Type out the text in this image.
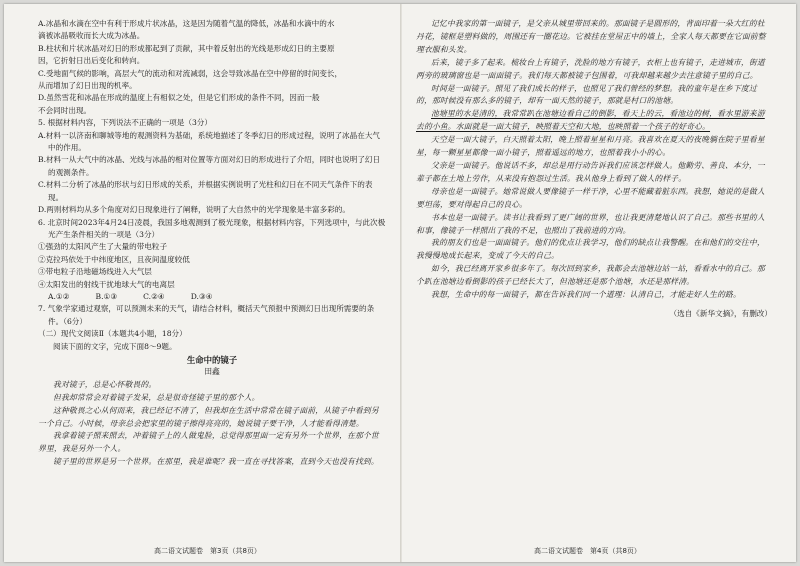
A.冰晶和水滴在空中有利于形成片状冰晶，这是因为随着气温的降低，冰晶和水滴中的水

滴被冰晶吸收而长大成为冰晶。

B.柱状和片状冰晶对幻日的形成都起到了贡献，其中着反射出的光线是形成幻日的主要原

因，它折射日出后变化和转向。

C.受地面气候的影响，高层大气的流动和对流减弱，这会导致冰晶在空中停留的时间变长，

从而增加了幻日出现的机率。

D.虽然雪花和冰晶在形成的温度上有相似之处，但是它们形成的条件不同，因而一般

不会同时出现。

5. 根据材料内容，下列说法不正确的一项是（3分）

A.材料一以济南和聊城等地的观测资料为基础，系统地描述了冬季幻日的形成过程，说明了冰晶在大气中的作用。

B.材料一从大气中的冰晶、光线与冰晶的相对位置等方面对幻日的形成进行了介绍，同时也说明了幻日的观测条件。

C.材料二分析了冰晶的形状与幻日形成的关系，并根据实例说明了光柱和幻日在不同天气条件下的表现。

D.两则材料均从多个角度对幻日现象进行了阐释，说明了大自然中的光学现象是丰富多彩的。

6. 北京时间2023年4月24日凌晨，我国多地观测到了极光现象，根据材料内容，下列选项中，与此次极光产生条件相关的一项是（3分）

①强劲的太阳风产生了大量的带电粒子

②克拉玛依处于中纬度地区，且夜间温度较低

③带电粒子沿地磁场线进入大气层

④太阳发出的射线干扰地球大气的电离层

A.①②	B.①③	C.②④	D.③④

7. 气象学家通过观察，可以预测未来的天气，请结合材料，概括天气预报中预测幻日出现所需要的条件。（6分）

（二）现代文阅读Ⅱ（本题共4小题，18分）

阅读下面的文字，完成下面8～9题。

生命中的镜子

田鑫

我对镜子，总是心怀敬畏的。

但我却常常会对着镜子发呆，总是很奇怪镜子里的那个人。

这种敬畏之心从何而来，我已经记不清了，但我却在生活中常常在镜子面前，从镜子中看到另一个自己。小时候，母亲总会把家里的镜子擦得亮亮的，她说镜子要干净，人才能看得清楚。

我拿着镜子照来照去，冲着镜子上的人做鬼脸，总觉得那里面一定有另外一个世界，在那个世界里，我是另外一个人。

镜子里的世界是另一个世界。在那里，我是谁呢？我一直在寻找答案，直到今天也没有找到。

记忆中我家的第一面镜子，是父亲从城里带回来的。那面镜子是圆形的，背面印着一朵大红的牡丹花，镜框是塑料做的，周围还有一圈花边。它被挂在堂屋正中的墙上，全家人每天都要在它面前整理衣服和头发。

后来，镜子多了起来。梳妆台上有镜子，洗脸的地方有镜子，衣柜上也有镜子，走进城市，街道两旁的玻璃窗也是一面面镜子。我们每天都被镜子包围着，可我却越来越少去注意镜子里的自己。

时间是一面镜子。照见了我们成长的样子，也照见了我们曾经的梦想。我的童年是在乡下度过的，那时候没有那么多的镜子，却有一面天然的镜子，那就是村口的池塘。

池塘里的水是清的，我常常趴在池塘边看自己的倒影，看天上的云，看池边的树，看水里游来游去的小鱼。水面就是一面大镜子，映照着天空和大地，也映照着一个孩子的好奇心。

天空是一面大镜子，白天照着太阳，晚上照着星星和月亮。我喜欢在夏天的夜晚躺在院子里看星星，每一颗星星都像一面小镜子，照着遥远的地方，也照着我小小的心。

父亲是一面镜子。他说话不多，却总是用行动告诉我们应该怎样做人。他勤劳、善良、本分，一辈子都在土地上劳作，从来没有抱怨过生活。我从他身上看到了做人的样子。

母亲也是一面镜子。她常说做人要像镜子一样干净，心里不能藏着脏东西。我想，她说的是做人要坦荡，要对得起自己的良心。

书本也是一面镜子。读书让我看到了更广阔的世界，也让我更清楚地认识了自己。那些书里的人和事，像镜子一样照出了我的不足，也照出了我前进的方向。

我的朋友们也是一面面镜子。他们的优点让我学习，他们的缺点让我警醒。在和他们的交往中，我慢慢地成长起来，变成了今天的自己。

如今，我已经离开家乡很多年了。每次回到家乡，我都会去池塘边站一站，看看水中的自己。那个趴在池塘边看倒影的孩子已经长大了，但池塘还是那个池塘，水还是那样清。

我想，生命中的每一面镜子，都在告诉我们同一个道理：认清自己，才能走好人生的路。

（选自《新华文摘》，有删改）

高二语文试题卷　第3页（共8页）	高二语文试题卷　第4页（共8页）
